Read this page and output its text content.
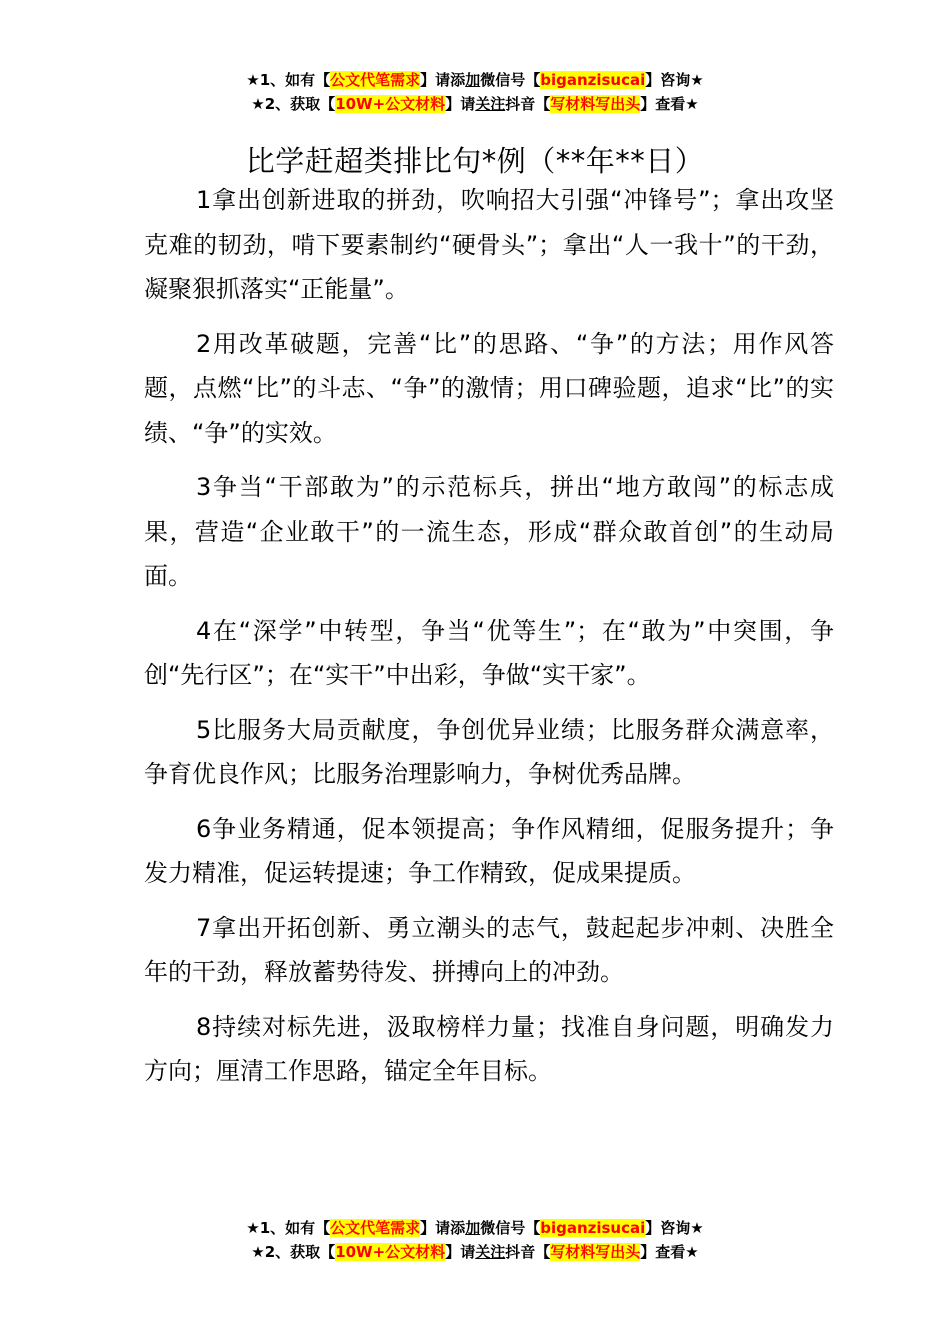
★1、如有【公文代笔需求】请添加微信号【biganzisucai】咨询★
★2、获取【10W+公文材料】请关注抖音【写材料写出头】查看★
比学赶超类排比句*例（**年**日）

1拿出创新进取的拼劲，吹响招大引强“冲锋号”；拿出攻坚克难的韧劲，啃下要素制约“硬骨头”；拿出“人一我十”的干劲，凝聚狠抓落实“正能量”。

2用改革破题，完善“比”的思路、“争”的方法；用作风答题，点燃“比”的斗志、“争”的激情；用口碑验题，追求“比”的实绩、“争”的实效。

3争当“干部敢为”的示范标兵，拼出“地方敢闯”的标志成果，营造“企业敢干”的一流生态，形成“群众敢首创”的生动局面。

4在“深学”中转型，争当“优等生”；在“敢为”中突围，争创“先行区”；在“实干”中出彩，争做“实干家”。

5比服务大局贡献度，争创优异业绩；比服务群众满意率，争育优良作风；比服务治理影响力，争树优秀品牌。

6争业务精通，促本领提高；争作风精细，促服务提升；争发力精准，促运转提速；争工作精致，促成果提质。

7拿出开拓创新、勇立潮头的志气，鼓起起步冲刺、决胜全年的干劲，释放蓄势待发、拼搏向上的冲劲。

8持续对标先进，汲取榜样力量；找准自身问题，明确发力方向；厘清工作思路，锚定全年目标。

★1、如有【公文代笔需求】请添加微信号【biganzisucai】咨询★
★2、获取【10W+公文材料】请关注抖音【写材料写出头】查看★
